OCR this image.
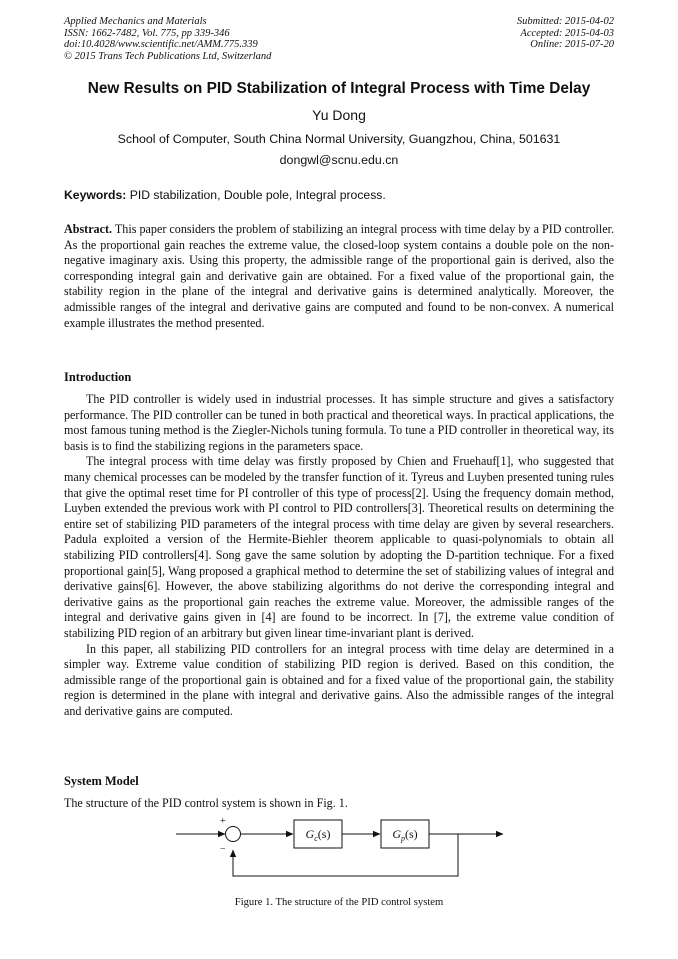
Applied Mechanics and Materials
ISSN: 1662-7482, Vol. 775, pp 339-346
doi:10.4028/www.scientific.net/AMM.775.339
© 2015 Trans Tech Publications Ltd, Switzerland
Submitted: 2015-04-02
Accepted: 2015-04-03
Online: 2015-07-20
New Results on PID Stabilization of Integral Process with Time Delay
Yu Dong
School of Computer, South China Normal University, Guangzhou, China, 501631
dongwl@scnu.edu.cn
Keywords: PID stabilization, Double pole, Integral process.

Abstract. This paper considers the problem of stabilizing an integral process with time delay by a PID controller. As the proportional gain reaches the extreme value, the closed-loop system contains a double pole on the non-negative imaginary axis. Using this property, the admissible range of the proportional gain is derived, also the corresponding integral gain and derivative gain are obtained. For a fixed value of the proportional gain, the stability region in the plane of the integral and derivative gains is determined analytically. Moreover, the admissible ranges of the integral and derivative gains are computed and found to be non-convex. A numerical example illustrates the method presented.

Introduction

The PID controller is widely used in industrial processes. It has simple structure and gives a satisfactory performance. The PID controller can be tuned in both practical and theoretical ways. In practical applications, the most famous tuning method is the Ziegler-Nichols tuning formula. To tune a PID controller in theoretical way, its basis is to find the stabilizing regions in the parameters space.

The integral process with time delay was firstly proposed by Chien and Fruehauf[1], who suggested that many chemical processes can be modeled by the transfer function of it. Tyreus and Luyben presented tuning rules that give the optimal reset time for PI controller of this type of process[2]. Using the frequency domain method, Luyben extended the previous work with PI control to PID controllers[3]. Theoretical results on determining the entire set of stabilizing PID parameters of the integral process with time delay are given by several researchers. Padula exploited a version of the Hermite-Biehler theorem applicable to quasi-polynomials to obtain all stabilizing PID controllers[4]. Song gave the same solution by adopting the D-partition technique. For a fixed proportional gain[5], Wang proposed a graphical method to determine the set of stabilizing values of integral and derivative gains[6]. However, the above stabilizing algorithms do not derive the corresponding integral and derivative gains as the proportional gain reaches the extreme value. Moreover, the admissible ranges of the integral and derivative gains given in [4] are found to be incorrect. In [7], the extreme value condition of stabilizing PID region of an arbitrary but given linear time-invariant plant is derived.

In this paper, all stabilizing PID controllers for an integral process with time delay are determined in a simpler way. Extreme value condition of stabilizing PID region is derived. Based on this condition, the admissible range of the proportional gain is obtained and for a fixed value of the proportional gain, the stability region is determined in the plane with integral and derivative gains. Also the admissible ranges of the integral and derivative gains are computed.

System Model
The structure of the PID control system is shown in Fig. 1.
+
−
$G_c(s)$	$G_p(s)$
Figure 1. The structure of the PID control system
